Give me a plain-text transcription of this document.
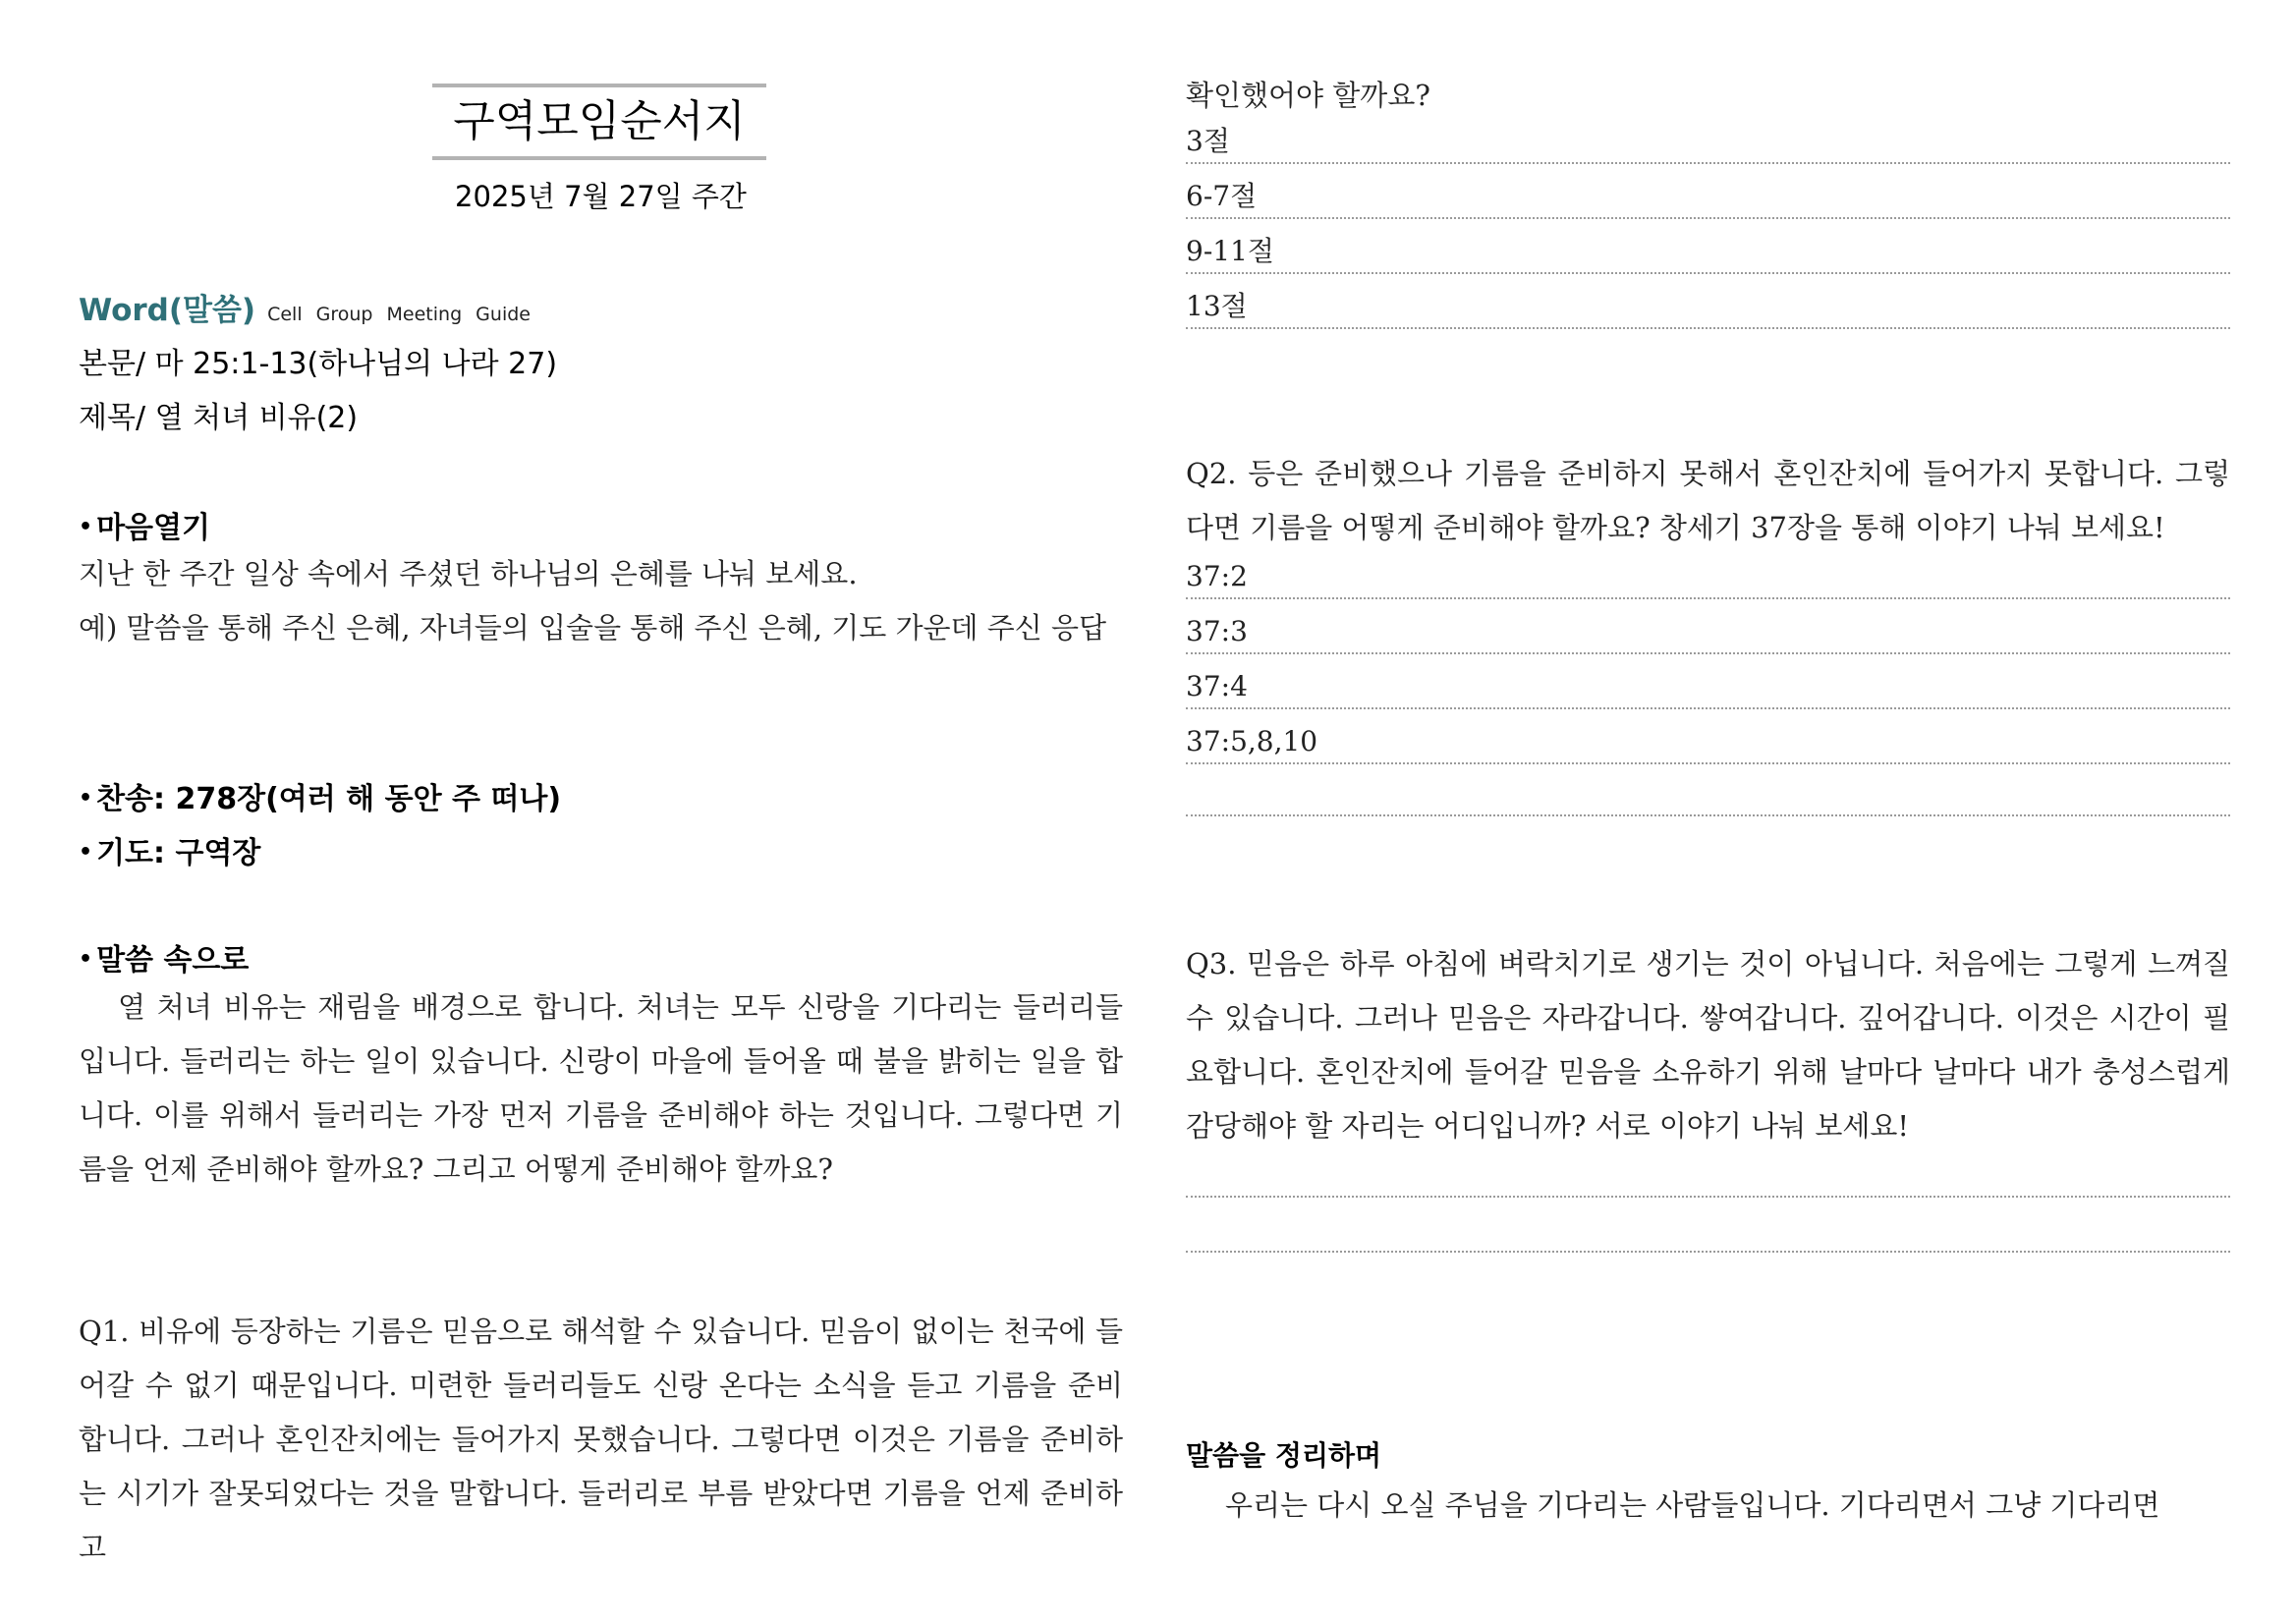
구역모임순서지
2025년 7월 27일 주간
Word(말씀) Cell Group Meeting Guide
본문/ 마 25:1-13(하나님의 나라 27)
제목/ 열 처녀 비유(2)
• 마음열기
지난 한 주간 일상 속에서 주셨던 하나님의 은혜를 나눠 보세요.
예) 말씀을 통해 주신 은혜, 자녀들의 입술을 통해 주신 은혜, 기도 가운데 주신 응답
• 찬송: 278장(여러 해 동안 주 떠나)
• 기도: 구역장
• 말씀 속으로
열 처녀 비유는 재림을 배경으로 합니다. 처녀는 모두 신랑을 기다리는 들러리들입니다. 들러리는 하는 일이 있습니다. 신랑이 마을에 들어올 때 불을 밝히는 일을 합니다. 이를 위해서 들러리는 가장 먼저 기름을 준비해야 하는 것입니다. 그렇다면 기름을 언제 준비해야 할까요? 그리고 어떻게 준비해야 할까요?
Q1. 비유에 등장하는 기름은 믿음으로 해석할 수 있습니다. 믿음이 없이는 천국에 들어갈 수 없기 때문입니다. 미련한 들러리들도 신랑 온다는 소식을 듣고 기름을 준비합니다. 그러나 혼인잔치에는 들어가지 못했습니다. 그렇다면 이것은 기름을 준비하는 시기가 잘못되었다는 것을 말합니다. 들러리로 부름 받았다면 기름을 언제 준비하고
확인했어야 할까요?
3절
6-7절
9-11절
13절
Q2. 등은 준비했으나 기름을 준비하지 못해서 혼인잔치에 들어가지 못합니다. 그렇다면 기름을 어떻게 준비해야 할까요? 창세기 37장을 통해 이야기 나눠 보세요!
37:2
37:3
37:4
37:5,8,10
Q3. 믿음은 하루 아침에 벼락치기로 생기는 것이 아닙니다. 처음에는 그렇게 느껴질 수 있습니다. 그러나 믿음은 자라갑니다. 쌓여갑니다. 깊어갑니다. 이것은 시간이 필요합니다. 혼인잔치에 들어갈 믿음을 소유하기 위해 날마다 날마다 내가 충성스럽게 감당해야 할 자리는 어디입니까? 서로 이야기 나눠 보세요!
말씀을 정리하며
우리는 다시 오실 주님을 기다리는 사람들입니다. 기다리면서 그냥 기다리면
